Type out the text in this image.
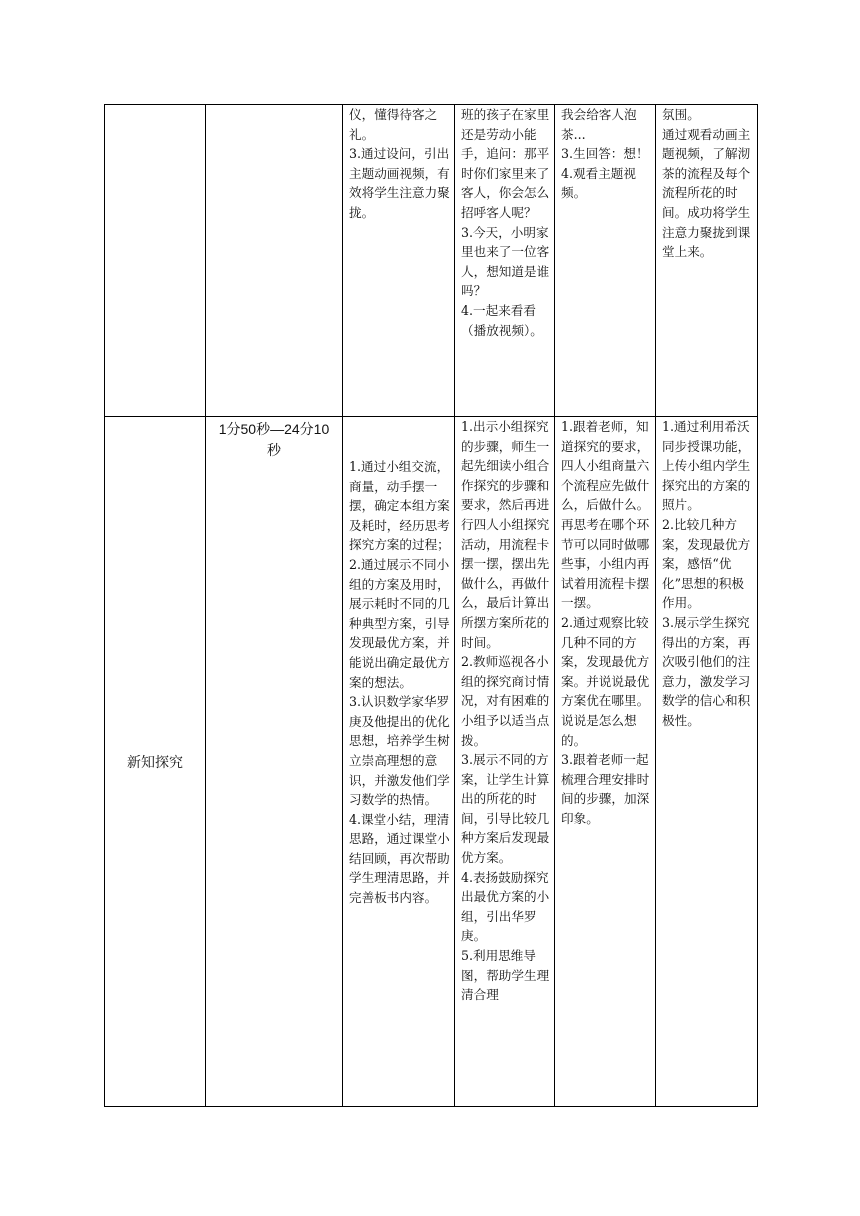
		仪，懂得待客之礼。
3.通过设问，引出主题动画视频，有效将学生注意力聚拢。	班的孩子在家里还是劳动小能手，追问：那平时你们家里来了客人，你会怎么招呼客人呢？
3.今天，小明家里也来了一位客人，想知道是谁吗？
4.一起来看看（播放视频）。	我会给客人泡茶...
3.生回答：想！
4.观看主题视频。	氛围。
通过观看动画主题视频，了解沏茶的流程及每个流程所花的时间。成功将学生注意力聚拢到课堂上来。

新知探究	1分50秒—24分10秒	1.通过小组交流，商量，动手摆一摆，确定本组方案及耗时，经历思考探究方案的过程；
2.通过展示不同小组的方案及用时，展示耗时不同的几种典型方案，引导发现最优方案，并能说出确定最优方案的想法。
3.认识数学家华罗庚及他提出的优化思想，培养学生树立崇高理想的意识，并激发他们学习数学的热情。
4.课堂小结，理清思路，通过课堂小结回顾，再次帮助学生理清思路，并完善板书内容。	1.出示小组探究的步骤，师生一起先细读小组合作探究的步骤和要求，然后再进行四人小组探究活动，用流程卡摆一摆，摆出先做什么，再做什么，最后计算出所摆方案所花的时间。
2.教师巡视各小组的探究商讨情况，对有困难的小组予以适当点拨。
3.展示不同的方案，让学生计算出的所花的时间，引导比较几种方案后发现最优方案。
4.表扬鼓励探究出最优方案的小组，引出华罗庚。
5.利用思维导图，帮助学生理清合理	1.跟着老师，知道探究的要求，四人小组商量六个流程应先做什么，后做什么。再思考在哪个环节可以同时做哪些事，小组内再试着用流程卡摆一摆。
2.通过观察比较几种不同的方案，发现最优方案。并说说最优方案优在哪里。说说是怎么想的。
3.跟着老师一起梳理合理安排时间的步骤，加深印象。	1.通过利用希沃同步授课功能，上传小组内学生探究出的方案的照片。
2.比较几种方案，发现最优方案，感悟“优化”思想的积极作用。
3.展示学生探究得出的方案，再次吸引他们的注意力，激发学习数学的信心和积极性。
